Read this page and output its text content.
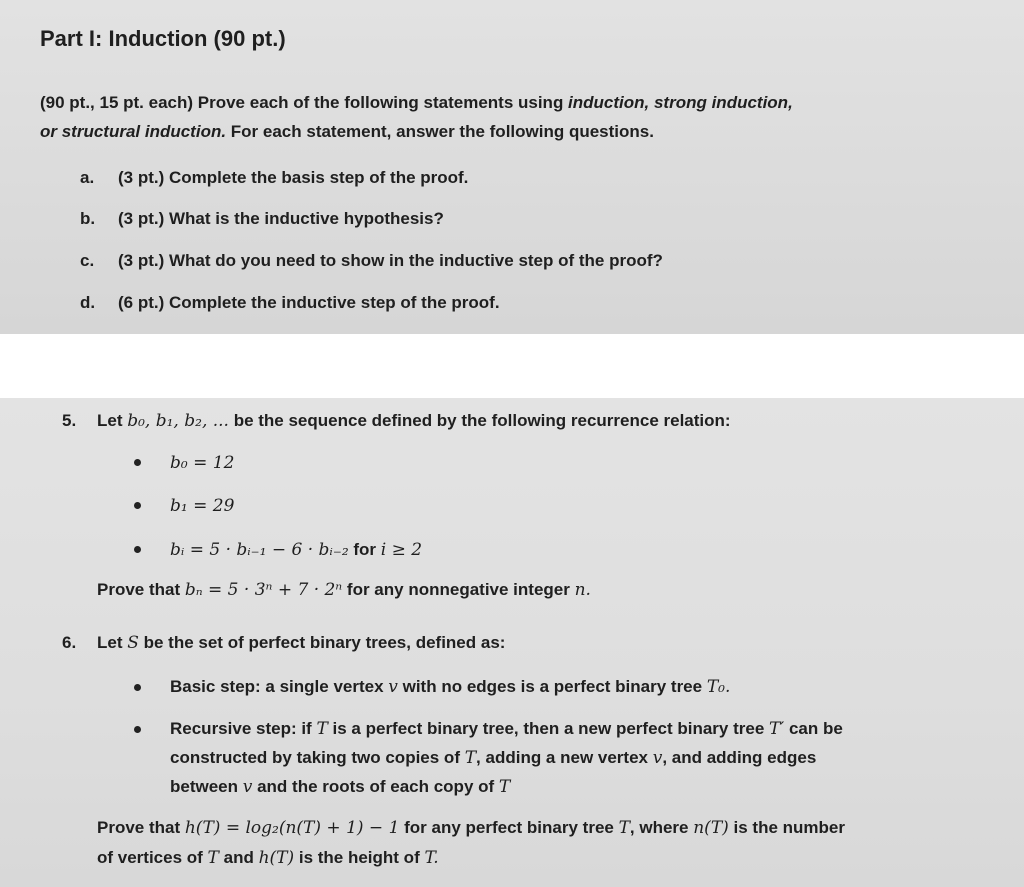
Part I: Induction (90 pt.)
(90 pt., 15 pt. each) Prove each of the following statements using induction, strong induction,
or structural induction. For each statement, answer the following questions.
a. (3 pt.) Complete the basis step of the proof.
b. (3 pt.) What is the inductive hypothesis?
c. (3 pt.) What do you need to show in the inductive step of the proof?
d. (6 pt.) Complete the inductive step of the proof.
5. Let b₀, b₁, b₂, ... be the sequence defined by the following recurrence relation:
b₀ = 12
b₁ = 29
bᵢ = 5 · bᵢ₋₁ − 6 · bᵢ₋₂ for i ≥ 2
Prove that bₙ = 5 · 3ⁿ + 7 · 2ⁿ for any nonnegative integer n.
6. Let S be the set of perfect binary trees, defined as:
Basic step: a single vertex v with no edges is a perfect binary tree T₀.
Recursive step: if T is a perfect binary tree, then a new perfect binary tree T′ can be
constructed by taking two copies of T, adding a new vertex v, and adding edges
between v and the roots of each copy of T
Prove that h(T) = log₂(n(T) + 1) − 1 for any perfect binary tree T, where n(T) is the number
of vertices of T and h(T) is the height of T.
